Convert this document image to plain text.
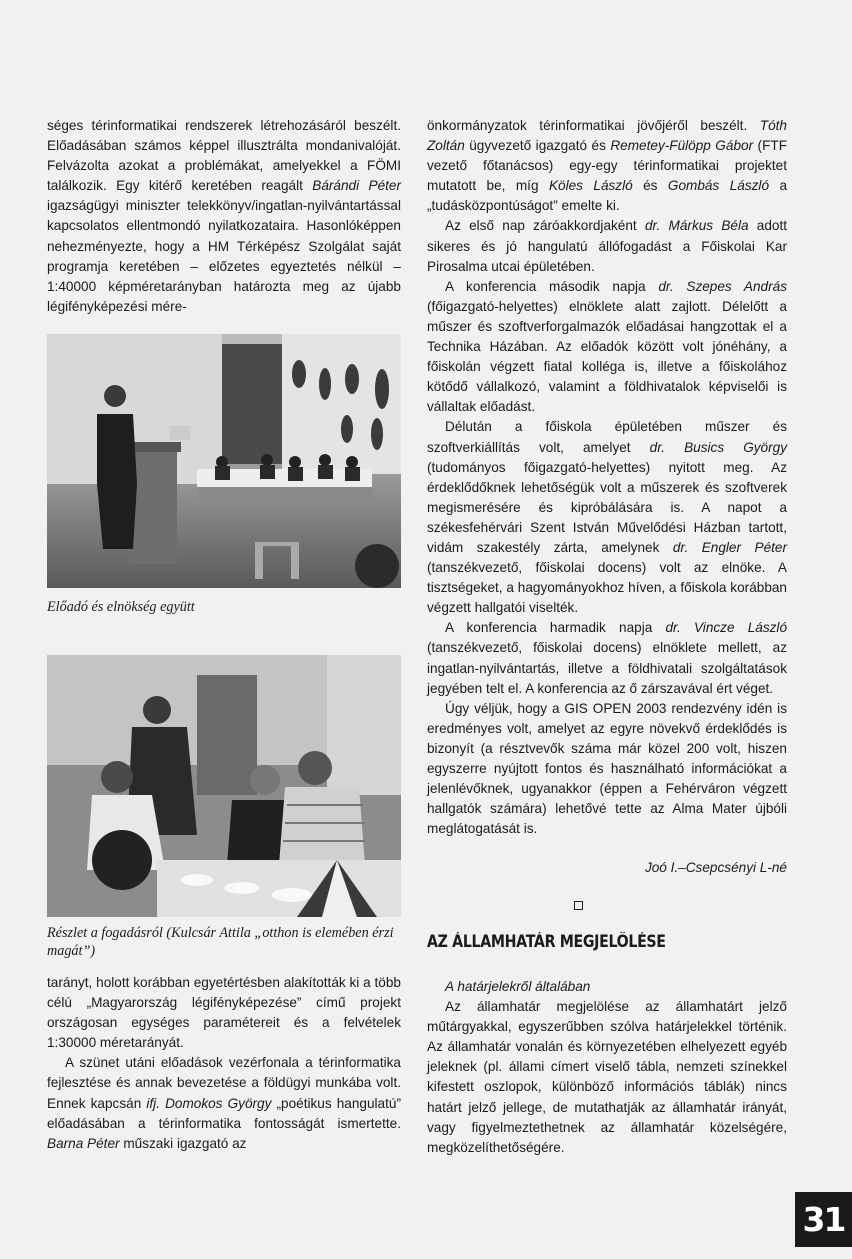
séges térinformatikai rendszerek létrehozásáról beszélt. Előadásában számos képpel illusztrálta mondanivalóját. Felvázolta azokat a problémákat, amelyekkel a FÖMI találkozik. Egy kitérő keretében reagált Bárándi Péter igazságügyi miniszter telekkönyv/ingatlan-nyilvántartással kapcsolatos ellentmondó nyilatkozataira. Hasonlóképpen nehezményezte, hogy a HM Térképész Szolgálat saját programja keretében – előzetes egyeztetés nélkül – 1:40000 képméretarányban határozta meg az újabb légifényképezési mére-

Előadó és elnökség együtt
Részlet a fogadásról (Kulcsár Attila „otthon is elemében érzi magát”)

tarányt, holott korábban egyetértésben alakították ki a több célú „Magyarország légifényképezése” című projekt országosan egységes paramétereit és a felvételek 1:30000 méretarányát.

A szünet utáni előadások vezérfonala a térinformatika fejlesztése és annak bevezetése a földügyi munkába volt. Ennek kapcsán ifj. Domokos György „poétikus hangulatú” előadásában a térinformatika fontosságát ismertette. Barna Péter műszaki igazgató az

önkormányzatok térinformatikai jövőjéről beszélt. Tóth Zoltán ügyvezető igazgató és Remetey-Fülöpp Gábor (FTF vezető főtanácsos) egy-egy térinformatikai projektet mutatott be, míg Köles László és Gombás László a „tudásközpontúságot” emelte ki.

Az első nap záróakkordjaként dr. Márkus Béla adott sikeres és jó hangulatú állófogadást a Főiskolai Kar Pirosalma utcai épületében.

A konferencia második napja dr. Szepes András (főigazgató-helyettes) elnöklete alatt zajlott. Délelőtt a műszer és szoftverforgalmazók előadásai hangzottak el a Technika Házában. Az előadók között volt jónéhány, a főiskolán végzett fiatal kolléga is, illetve a főiskolához kötődő vállalkozó, valamint a földhivatalok képviselői is vállaltak előadást.

Délután a főiskola épületében műszer és szoftverkiállítás volt, amelyet dr. Busics György (tudományos főigazgató-helyettes) nyitott meg. Az érdeklődőknek lehetőségük volt a műszerek és szoftverek megismerésére és kipróbálására is. A napot a székesfehérvári Szent István Művelődési Házban tartott, vidám szakestély zárta, amelynek dr. Engler Péter (tanszékvezető, főiskolai docens) volt az elnöke. A tisztségeket, a hagyományokhoz híven, a főiskola korábban végzett hallgatói viselték.

A konferencia harmadik napja dr. Vincze László (tanszékvezető, főiskolai docens) elnöklete mellett, az ingatlan-nyilvántartás, illetve a földhivatali szolgáltatások jegyében telt el. A konferencia az ő zárszavával ért véget.

Úgy véljük, hogy a GIS OPEN 2003 rendezvény idén is eredményes volt, amelyet az egyre növekvő érdeklődés is bizonyít (a résztvevők száma már közel 200 volt, hiszen egyszerre nyújtott fontos és használható információkat a jelenlévőknek, ugyanakkor (éppen a Fehérváron végzett hallgatók számára) lehetővé tette az Alma Mater újbóli meglátogatását is.

Joó I.–Csepcsényi L-né
AZ ÁLLAMHATÁR MEGJELÖLÉSE

A határjelekről általában

Az államhatár megjelölése az államhatárt jelző műtárgyakkal, egyszerűbben szólva határjelekkel történik. Az államhatár vonalán és környezetében elhelyezett egyéb jeleknek (pl. állami címert viselő tábla, nemzeti színekkel kifestett oszlopok, különböző információs táblák) nincs határt jelző jellege, de mutathatják az államhatár irányát, vagy figyelmeztethetnek az államhatár közelségére, megközelíthetőségére.

31
